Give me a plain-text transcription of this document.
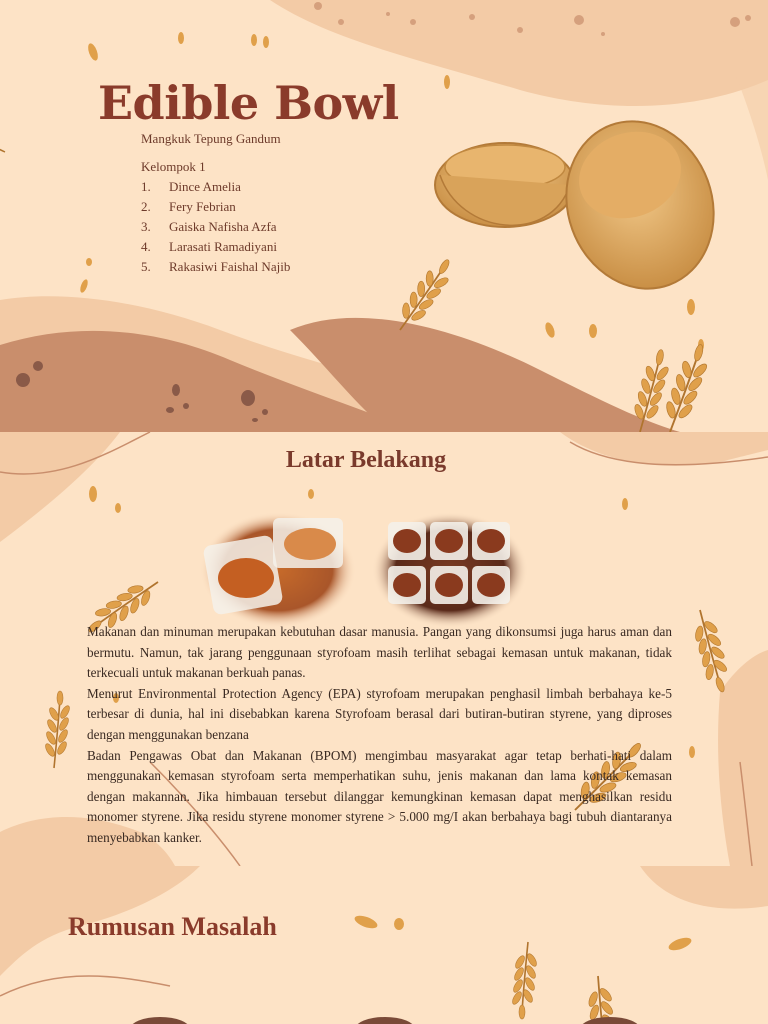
Edible Bowl
Mangkuk Tepung Gandum
Kelompok 1
1.	Dince Amelia
2.	Fery Febrian
3.	Gaiska Nafisha Azfa
4.	Larasati Ramadiyani
5.	Rakasiwi Faishal Najib
Latar Belakang

Makanan dan minuman merupakan kebutuhan dasar manusia. Pangan yang dikonsumsi juga harus aman dan bermutu. Namun, tak jarang penggunaan styrofoam masih terlihat sebagai kemasan untuk makanan, tidak terkecuali untuk makanan berkuah panas.

Menurut Environmental Protection Agency (EPA) styrofoam merupakan penghasil limbah berbahaya ke-5 terbesar di dunia, hal ini disebabkan karena Styrofoam berasal dari butiran-butiran styrene, yang diproses dengan menggunakan benzana

Badan Pengawas Obat dan Makanan (BPOM) mengimbau masyarakat agar tetap berhati-hati dalam menggunakan kemasan styrofoam serta memperhatikan suhu, jenis makanan dan lama kontak kemasan dengan makannan. Jika himbauan tersebut dilanggar kemungkinan kemasan dapat menghasilkan residu monomer styrene. Jika residu styrene monomer styrene > 5.000 mg/I akan berbahaya bagi tubuh diantaranya menyebabkan kanker.

Rumusan Masalah
